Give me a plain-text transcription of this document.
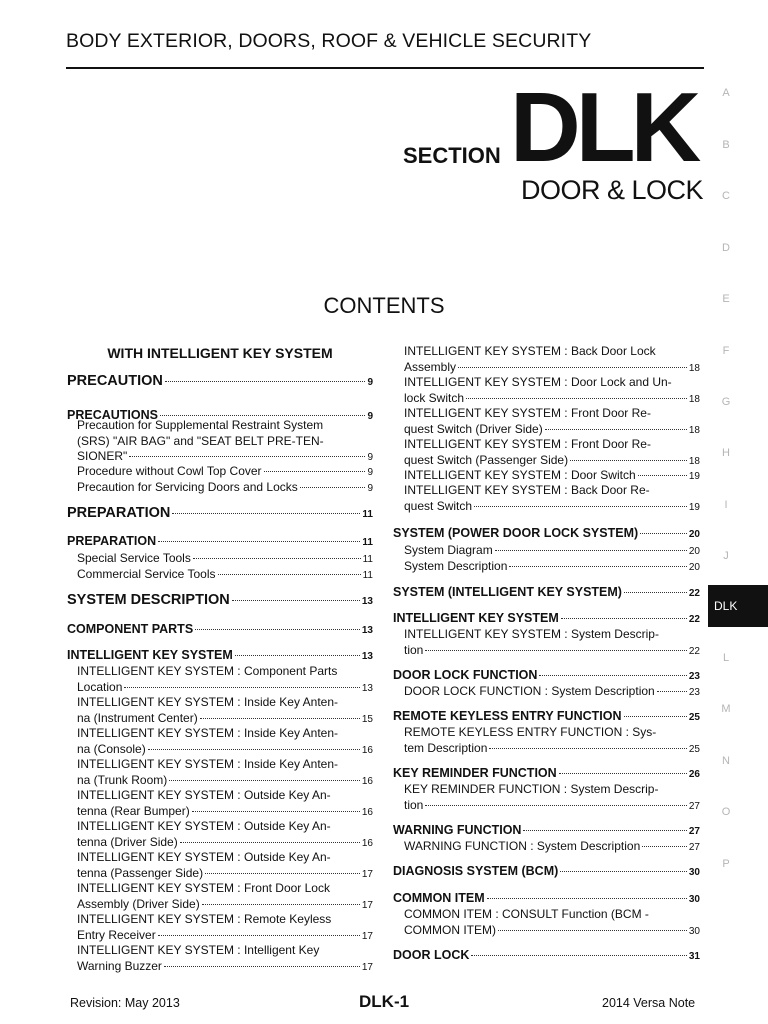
BODY EXTERIOR, DOORS, ROOF & VEHICLE SECURITY
SECTION DLK
DOOR & LOCK
CONTENTS
WITH INTELLIGENT KEY SYSTEM
PRECAUTION	9
PRECAUTIONS	9
Precaution for Supplemental Restraint System
(SRS) "AIR BAG" and "SEAT BELT PRE-TEN-
SIONER"	9
Procedure without Cowl Top Cover	9
Precaution for Servicing Doors and Locks	9
PREPARATION	11
PREPARATION	11
Special Service Tools	11
Commercial Service Tools	11
SYSTEM DESCRIPTION	13
COMPONENT PARTS	13
INTELLIGENT KEY SYSTEM	13
INTELLIGENT KEY SYSTEM : Component Parts
Location	13
INTELLIGENT KEY SYSTEM : Inside Key Anten-
na (Instrument Center)	15
INTELLIGENT KEY SYSTEM : Inside Key Anten-
na (Console)	16
INTELLIGENT KEY SYSTEM : Inside Key Anten-
na (Trunk Room)	16
INTELLIGENT KEY SYSTEM : Outside Key An-
tenna (Rear Bumper)	16
INTELLIGENT KEY SYSTEM : Outside Key An-
tenna (Driver Side)	16
INTELLIGENT KEY SYSTEM : Outside Key An-
tenna (Passenger Side)	17
INTELLIGENT KEY SYSTEM : Front Door Lock
Assembly (Driver Side)	17
INTELLIGENT KEY SYSTEM : Remote Keyless
Entry Receiver	17
INTELLIGENT KEY SYSTEM : Intelligent Key
Warning Buzzer	17
INTELLIGENT KEY SYSTEM : Back Door Lock
Assembly	18
INTELLIGENT KEY SYSTEM : Door Lock and Un-
lock Switch	18
INTELLIGENT KEY SYSTEM : Front Door Re-
quest Switch (Driver Side)	18
INTELLIGENT KEY SYSTEM : Front Door Re-
quest Switch (Passenger Side)	18
INTELLIGENT KEY SYSTEM : Door Switch	19
INTELLIGENT KEY SYSTEM : Back Door Re-
quest Switch	19
SYSTEM (POWER DOOR LOCK SYSTEM)	20
System Diagram	20
System Description	20
SYSTEM (INTELLIGENT KEY SYSTEM)	22
INTELLIGENT KEY SYSTEM	22
INTELLIGENT KEY SYSTEM : System Descrip-
tion	22
DOOR LOCK FUNCTION	23
DOOR LOCK FUNCTION : System Description	23
REMOTE KEYLESS ENTRY FUNCTION	25
REMOTE KEYLESS ENTRY FUNCTION : Sys-
tem Description	25
KEY REMINDER FUNCTION	26
KEY REMINDER FUNCTION : System Descrip-
tion	27
WARNING FUNCTION	27
WARNING FUNCTION : System Description	27
DIAGNOSIS SYSTEM (BCM)	30
COMMON ITEM	30
COMMON ITEM : CONSULT Function (BCM -
COMMON ITEM)	30
DOOR LOCK	31
DLK
A
B
C
D
E
F
G
H
I
J
L
M
N
O
P
Revision: May 2013	DLK-1	2014 Versa Note
